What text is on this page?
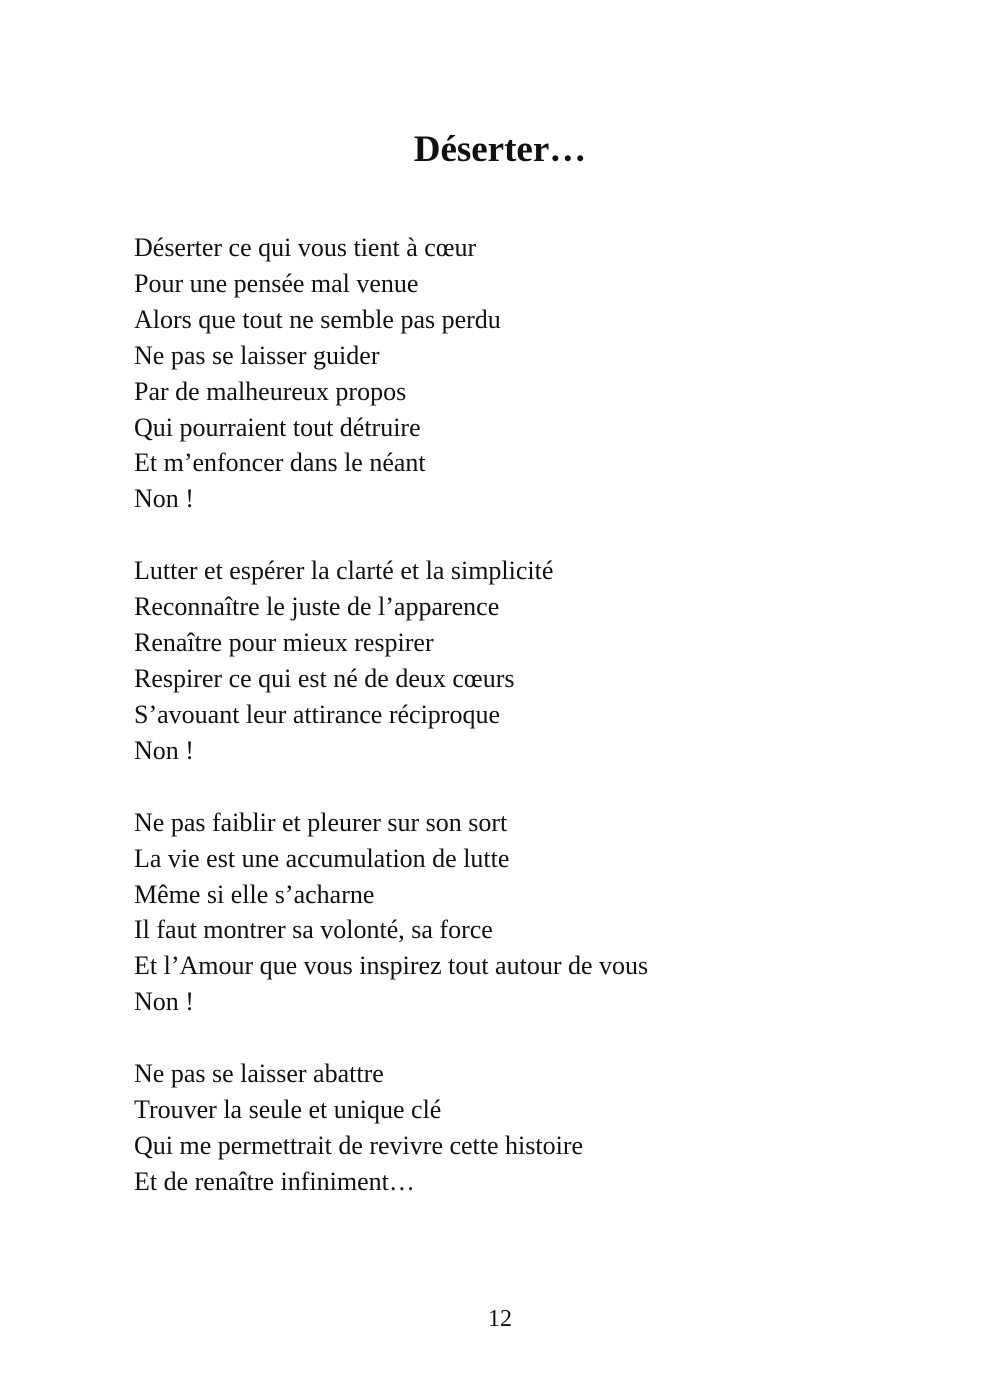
Déserter…
Déserter ce qui vous tient à cœur
Pour une pensée mal venue
Alors que tout ne semble pas perdu
Ne pas se laisser guider
Par de malheureux propos
Qui pourraient tout détruire
Et m’enfoncer dans le néant
Non !
Lutter et espérer la clarté et la simplicité
Reconnaître le juste de l’apparence
Renaître pour mieux respirer
Respirer ce qui est né de deux cœurs
S’avouant leur attirance réciproque
Non !
Ne pas faiblir et pleurer sur son sort
La vie est une accumulation de lutte
Même si elle s’acharne
Il faut montrer sa volonté, sa force
Et l’Amour que vous inspirez tout autour de vous
Non !
Ne pas se laisser abattre
Trouver la seule et unique clé
Qui me permettrait de revivre cette histoire
Et de renaître infiniment…
12
